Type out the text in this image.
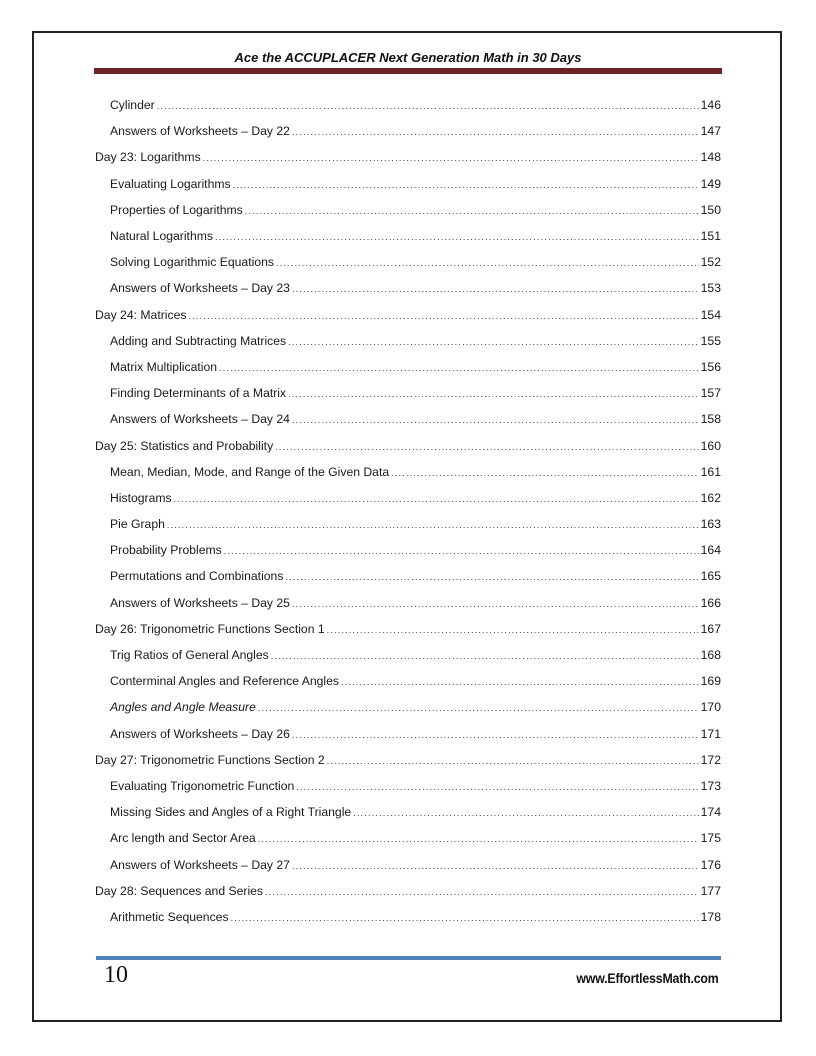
Ace the ACCUPLACER Next Generation Math in 30 Days
Cylinder .....	146
Answers of Worksheets – Day 22 .....	147
Day 23: Logarithms .....	148
Evaluating Logarithms .....	149
Properties of Logarithms .....	150
Natural Logarithms .....	151
Solving Logarithmic Equations .....	152
Answers of Worksheets – Day 23 .....	153
Day 24: Matrices .....	154
Adding and Subtracting Matrices .....	155
Matrix Multiplication .....	156
Finding Determinants of a Matrix .....	157
Answers of Worksheets – Day 24 .....	158
Day 25: Statistics and Probability .....	160
Mean, Median, Mode, and Range of the Given Data .....	161
Histograms .....	162
Pie Graph .....	163
Probability Problems .....	164
Permutations and Combinations .....	165
Answers of Worksheets – Day 25 .....	166
Day 26: Trigonometric Functions Section 1 .....	167
Trig Ratios of General Angles .....	168
Conterminal Angles and Reference Angles .....	169
Angles and Angle Measure .....	170
Answers of Worksheets – Day 26 .....	171
Day 27: Trigonometric Functions Section 2 .....	172
Evaluating Trigonometric Function .....	173
Missing Sides and Angles of a Right Triangle .....	174
Arc length and Sector Area .....	175
Answers of Worksheets – Day 27 .....	176
Day 28: Sequences and Series .....	177
Arithmetic Sequences .....	178
10	www.EffortlessMath.com
